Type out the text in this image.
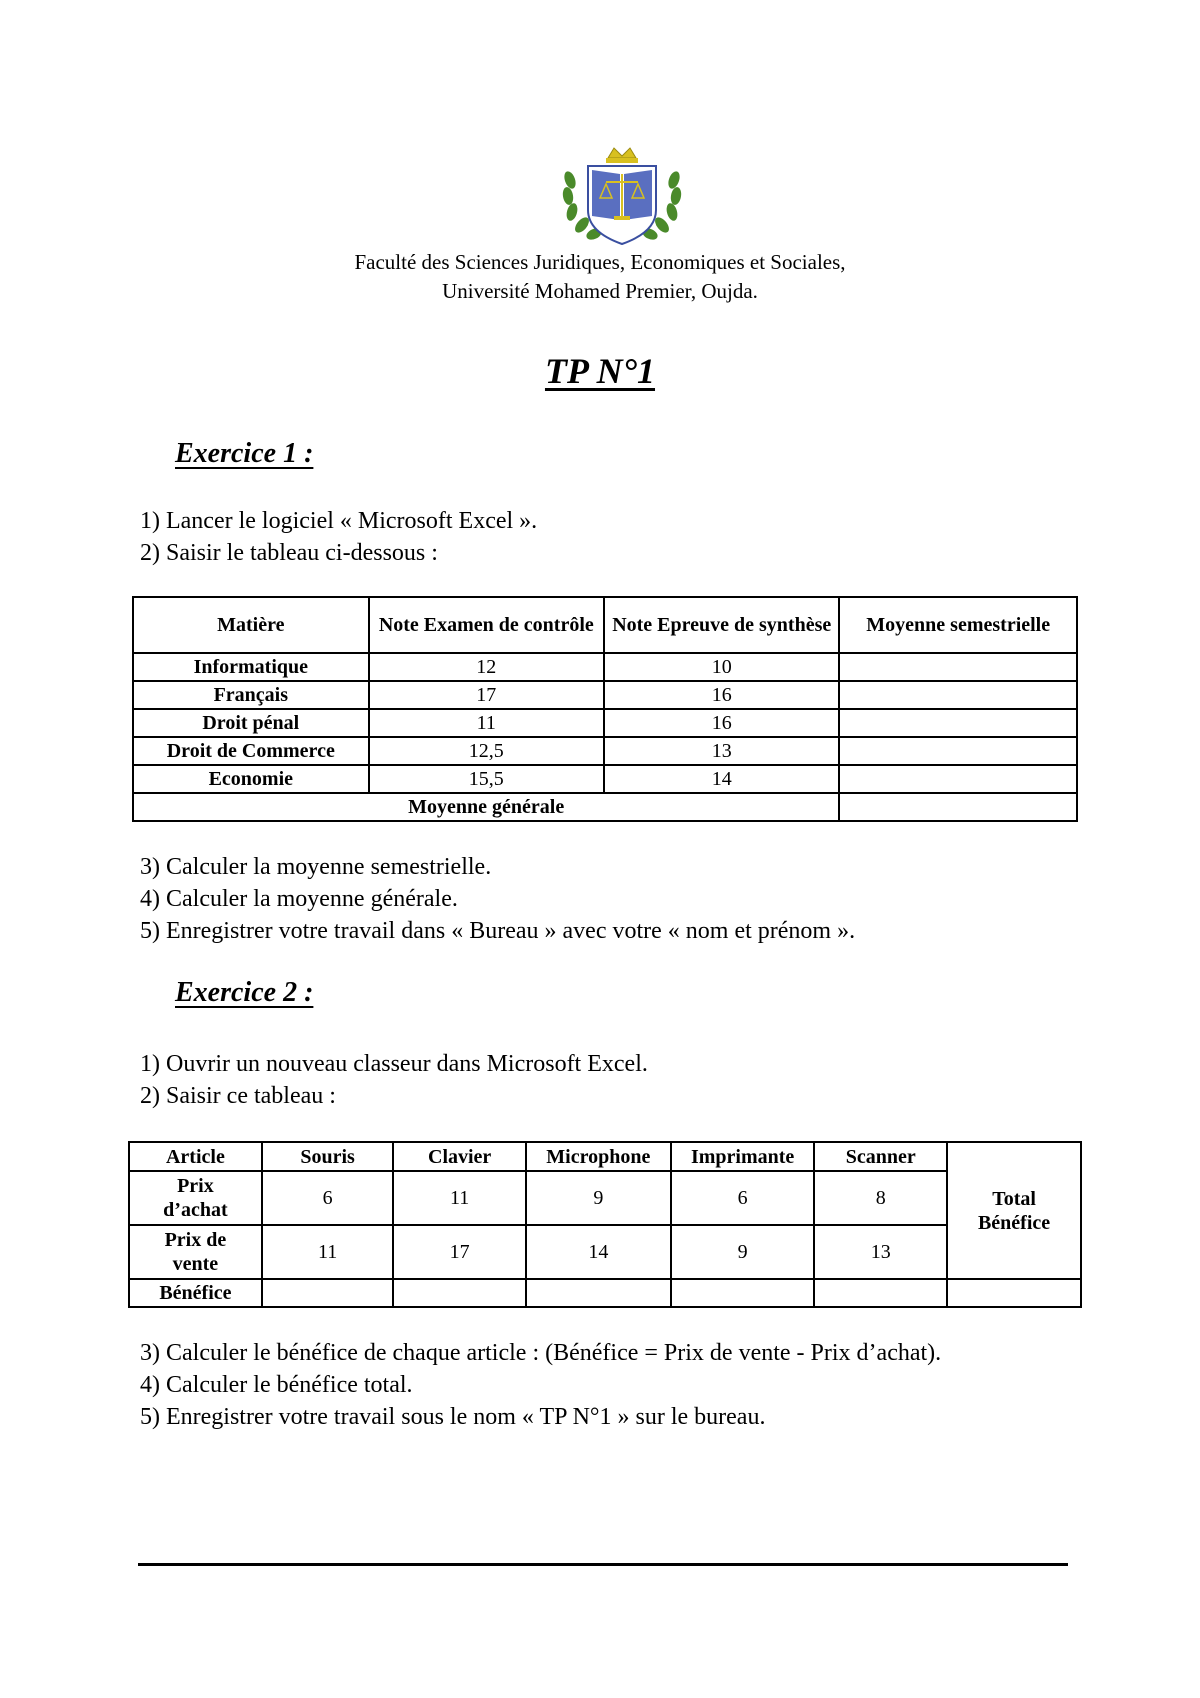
Faculté des Sciences Juridiques, Economiques et Sociales,
Université Mohamed Premier, Oujda.
TP N°1
Exercice 1 :
1) Lancer le logiciel « Microsoft Excel ».
2) Saisir le tableau ci-dessous :
Matière	Note Examen de contrôle	Note Epreuve de synthèse	Moyenne semestrielle
Informatique	12	10	
Français	17	16	
Droit pénal	11	16	
Droit de Commerce	12,5	13	
Economie	15,5	14	
Moyenne générale			
3) Calculer la moyenne semestrielle.
4) Calculer la moyenne générale.
5) Enregistrer votre travail dans « Bureau » avec votre « nom et prénom ».
Exercice 2 :
1) Ouvrir un nouveau classeur dans Microsoft Excel.
2) Saisir ce tableau :
Article	Souris	Clavier	Microphone	Imprimante	Scanner	Total Bénéfice
Prix d’achat	6	11	9	6	8	
Prix de vente	11	17	14	9	13	
Bénéfice						
3) Calculer le bénéfice de chaque article : (Bénéfice = Prix de vente - Prix d’achat).
4) Calculer le bénéfice total.
5) Enregistrer votre travail sous le nom « TP N°1 » sur le bureau.
